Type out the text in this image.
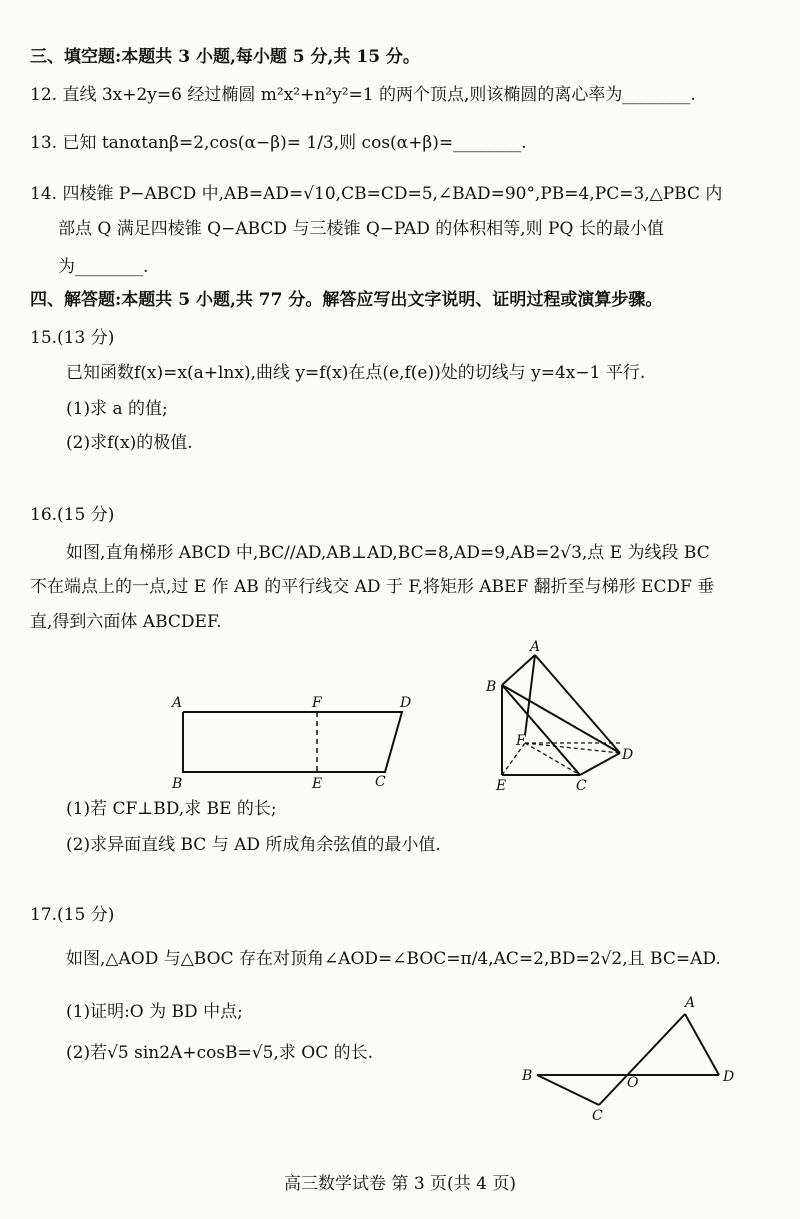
三、填空题:本题共 3 小题,每小题 5 分,共 15 分。
12. 直线 3x+2y=6 经过椭圆 m²x²+n²y²=1 的两个顶点,则该椭圆的离心率为________.
13. 已知 tanαtanβ=2,cos(α−β)= 1/3,则 cos(α+β)=________.
14. 四棱锥 P−ABCD 中,AB=AD=√10,CB=CD=5,∠BAD=90°,PB=4,PC=3,△PBC 内
部点 Q 满足四棱锥 Q−ABCD 与三棱锥 Q−PAD 的体积相等,则 PQ 长的最小值
为________.
四、解答题:本题共 5 小题,共 77 分。解答应写出文字说明、证明过程或演算步骤。
15.(13 分)
已知函数f(x)=x(a+lnx),曲线 y=f(x)在点(e,f(e))处的切线与 y=4x−1 平行.
(1)求 a 的值;
(2)求f(x)的极值.
16.(15 分)
如图,直角梯形 ABCD 中,BC//AD,AB⊥AD,BC=8,AD=9,AB=2√3,点 E 为线段 BC
不在端点上的一点,过 E 作 AB 的平行线交 AD 于 F,将矩形 ABEF 翻折至与梯形 ECDF 垂
直,得到六面体 ABCDEF.
A	F	D
B	E	C
A
B
F
D
E	C
(1)若 CF⊥BD,求 BE 的长;
(2)求异面直线 BC 与 AD 所成角余弦值的最小值.
17.(15 分)
如图,△AOD 与△BOC 存在对顶角∠AOD=∠BOC=π/4,AC=2,BD=2√2,且 BC=AD.
(1)证明:O 为 BD 中点;
(2)若√5 sin2A+cosB=√5,求 OC 的长.
A
B	O	D
C
高三数学试卷 第 3 页(共 4 页)
